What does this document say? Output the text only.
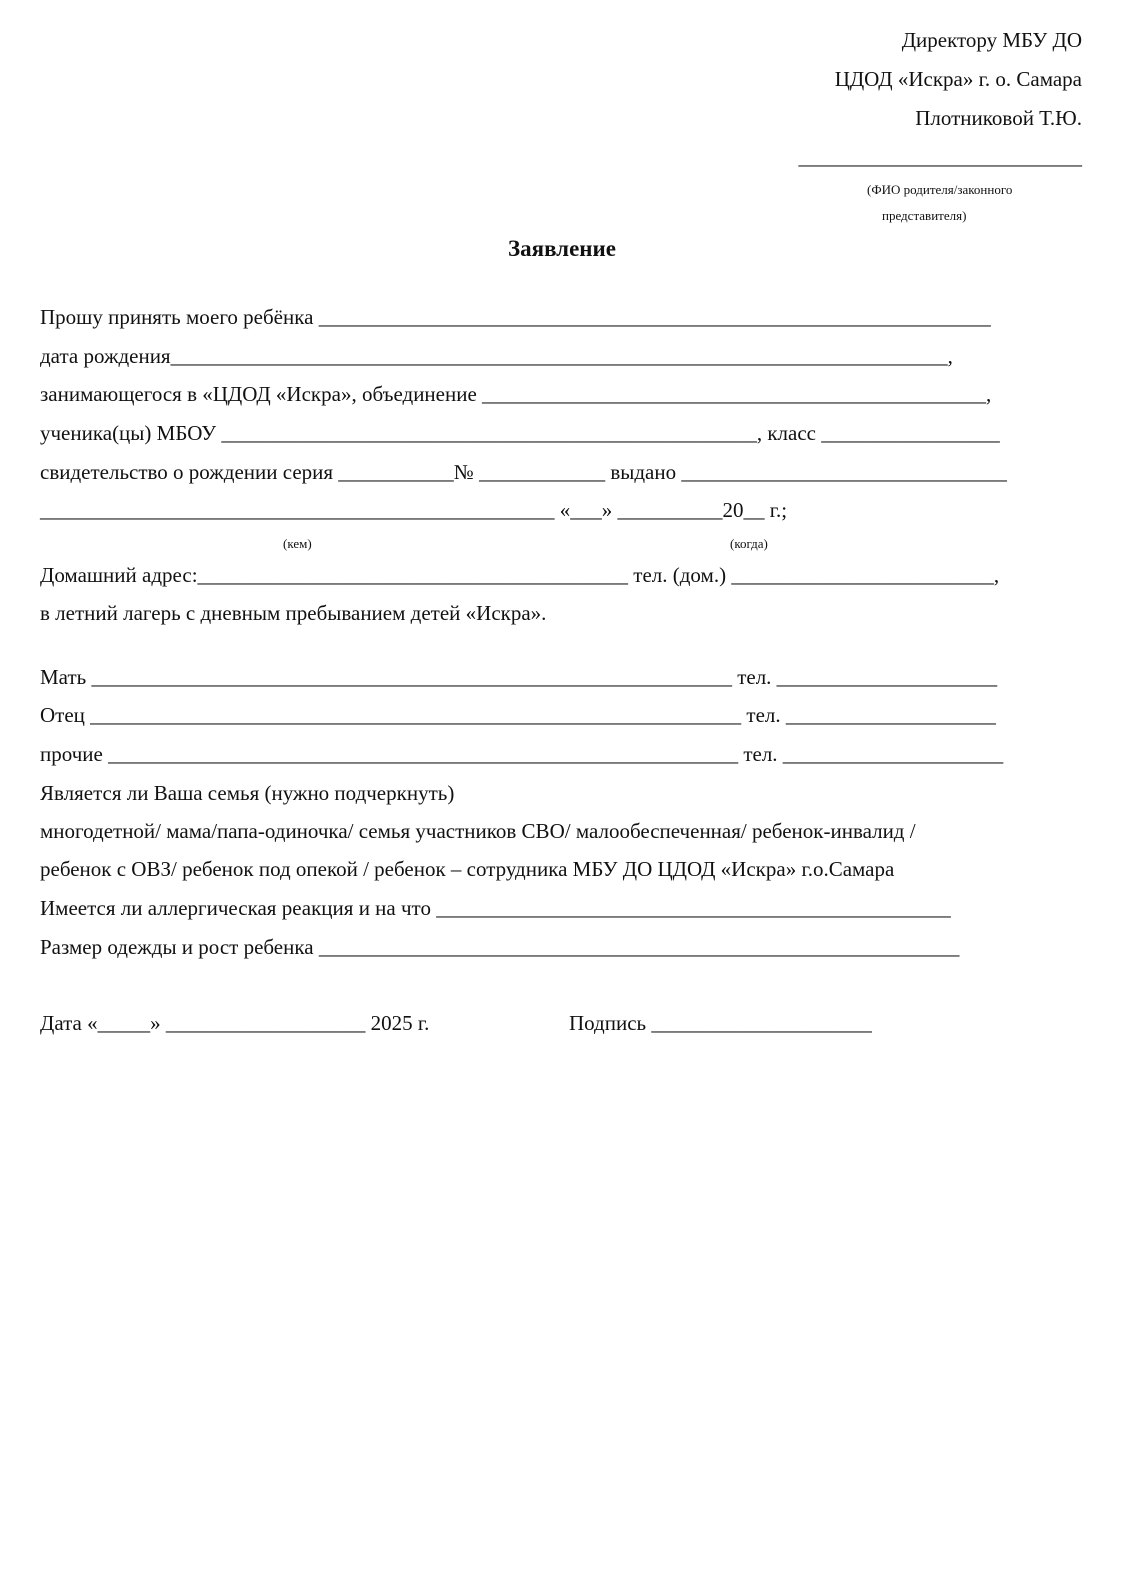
Директору МБУ ДО
ЦДОД «Искра» г. о. Самара
Плотниковой Т.Ю.
___________________________
(ФИО родителя/законного
представителя)
Заявление
Прошу принять моего ребёнка ________________________________________________________________
дата рождения__________________________________________________________________________,
занимающегося в «ЦДОД «Искра», объединение ________________________________________________,
ученика(цы) МБОУ ___________________________________________________, класс _________________
свидетельство о рождении серия ___________№ ____________ выдано _______________________________
_________________________________________________ «___» __________20__ г.;
(кем)	(когда)
Домашний адрес:_________________________________________ тел. (дом.) _________________________,
в летний лагерь с дневным пребыванием детей «Искра».
Мать _____________________________________________________________ тел. _____________________
Отец ______________________________________________________________ тел. ____________________
прочие ____________________________________________________________ тел. _____________________
Является ли Ваша семья (нужно подчеркнуть)
многодетной/ мама/папа-одиночка/ семья участников СВО/ малообеспеченная/ ребенок-инвалид /
ребенок с ОВЗ/ ребенок под опекой / ребенок – сотрудника МБУ ДО ЦДОД «Искра» г.о.Самара
Имеется ли аллергическая реакция и на что _________________________________________________
Размер одежды и рост ребенка _____________________________________________________________
Дата «_____» ___________________ 2025 г.	Подпись _____________________
